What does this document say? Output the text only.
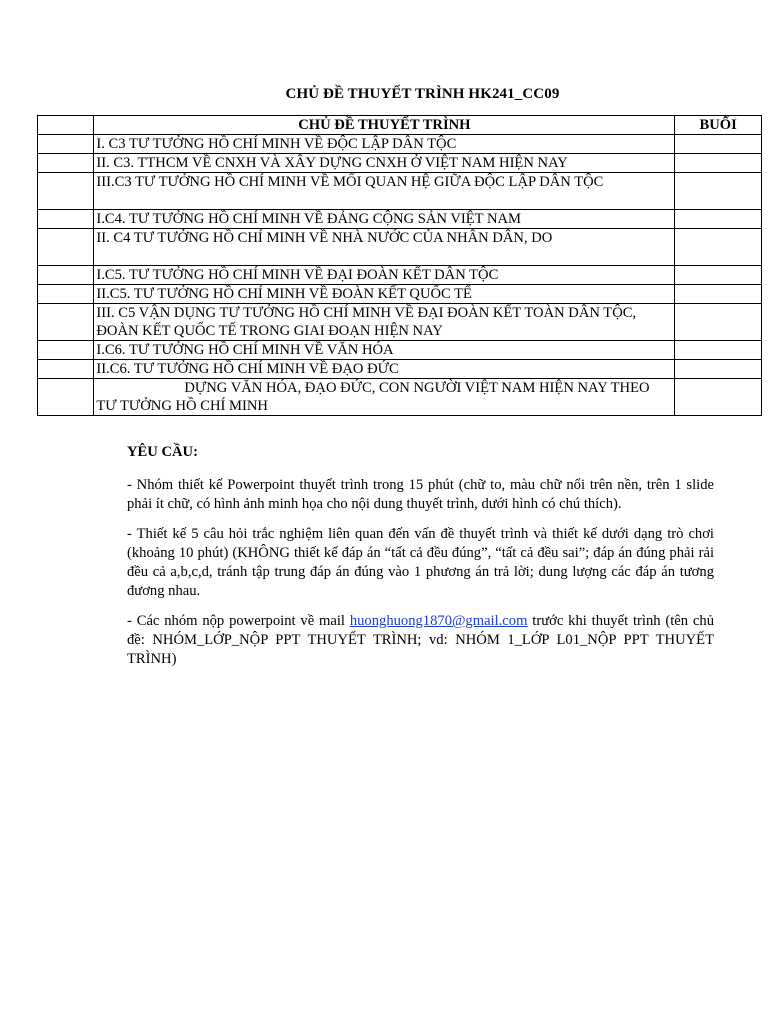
CHỦ ĐỀ THUYẾT TRÌNH HK241_CC09
	CHỦ ĐỀ THUYẾT TRÌNH	BUỔI
	I. C3 TƯ TƯỞNG HỒ CHÍ MINH VỀ ĐỘC LẬP DÂN TỘC	
	II. C3. TTHCM VỀ CNXH VÀ XÂY DỰNG CNXH Ở VIỆT NAM HIỆN NAY	
	III.C3 TƯ TƯỞNG HỒ CHÍ MINH VỀ MỐI QUAN HỆ GIỮA ĐỘC LẬP DÂN TỘC	
	I.C4. TƯ TƯỞNG HỒ CHÍ MINH VỀ ĐẢNG CỘNG SẢN VIỆT NAM	
	II. C4 TƯ TƯỞNG HỒ CHÍ MINH VỀ NHÀ NƯỚC CỦA NHÂN DÂN, DO	
	I.C5. TƯ TƯỞNG HỒ CHÍ MINH VỀ ĐẠI ĐOÀN KẾT DÂN TỘC	
	II.C5. TƯ TƯỞNG HỒ CHÍ MINH VỀ ĐOÀN KẾT QUỐC TẾ	
	III. C5 VẬN DỤNG TƯ TƯỞNG HỒ CHÍ MINH VỀ ĐẠI ĐOÀN KẾT TOÀN DÂN TỘC, ĐOÀN KẾT QUỐC TẾ TRONG GIAI ĐOẠN HIỆN NAY	
	I.C6. TƯ TƯỞNG HỒ CHÍ MINH VỀ VĂN HÓA	
	II.C6. TƯ TƯỞNG HỒ CHÍ MINH VỀ ĐẠO ĐỨC	
	DỰNG VĂN HÓA, ĐẠO ĐỨC, CON NGƯỜI VIỆT NAM HIỆN NAY THEO TƯ TƯỞNG HỒ CHÍ MINH	

YÊU CẦU:

- Nhóm thiết kế Powerpoint thuyết trình trong 15 phút (chữ to, màu chữ nổi trên nền, trên 1 slide phải ít chữ, có hình ảnh minh họa cho nội dung thuyết trình, dưới hình có chú thích).

- Thiết kế 5 câu hỏi trắc nghiệm liên quan đến vấn đề thuyết trình và thiết kế dưới dạng trò chơi (khoảng 10 phút) (KHÔNG thiết kế đáp án “tất cả đều đúng”, “tất cả đều sai”; đáp án đúng phải rải đều cả a,b,c,d, tránh tập trung đáp án đúng vào 1 phương án trả lời; dung lượng các đáp án tương đương nhau.

- Các nhóm nộp powerpoint về mail huonghuong1870@gmail.com trước khi thuyết trình (tên chủ đề: NHÓM_LỚP_NỘP PPT THUYẾT TRÌNH; vd: NHÓM 1_LỚP L01_NỘP PPT THUYẾT TRÌNH)
